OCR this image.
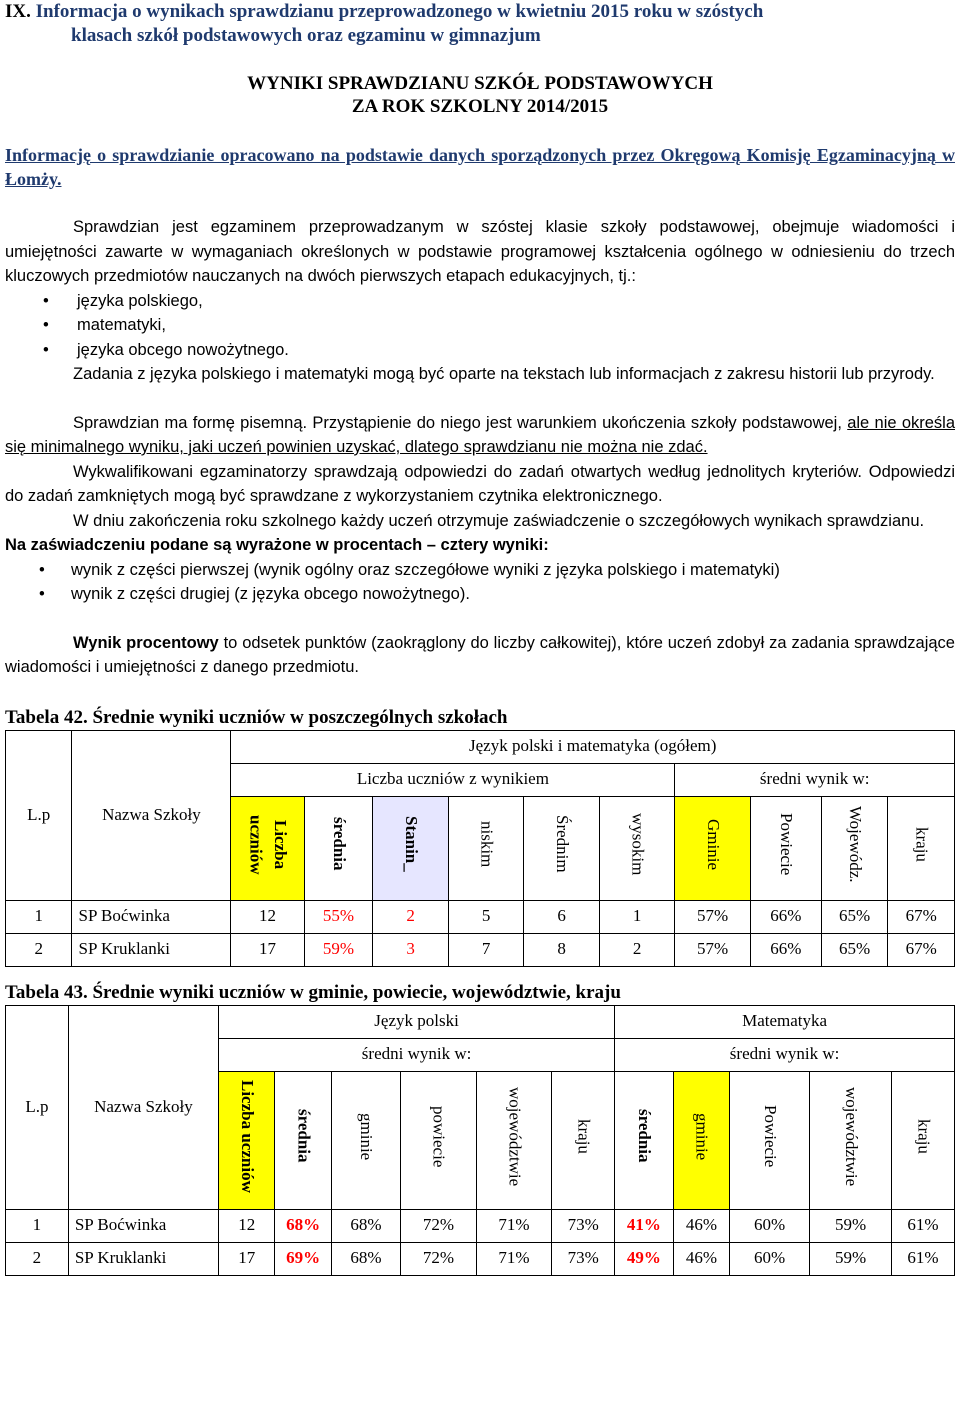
IX. Informacja o wynikach sprawdzianu przeprowadzonego w kwietniu 2015 roku w szóstych
klasach szkół podstawowych oraz egzaminu w gimnazjum
WYNIKI SPRAWDZIANU SZKÓŁ PODSTAWOWYCH
ZA ROK SZKOLNY 2014/2015
Informację o sprawdzianie opracowano na podstawie danych sporządzonych przez Okręgową Komisję Egzaminacyjną w Łomży.
Sprawdzian jest egzaminem przeprowadzanym w szóstej klasie szkoły podstawowej, obejmuje wiadomości i umiejętności zawarte w wymaganiach określonych w podstawie programowej kształcenia ogólnego w odniesieniu do trzech kluczowych przedmiotów nauczanych na dwóch pierwszych etapach edukacyjnych, tj.:
• języka polskiego,
• matematyki,
• języka obcego nowożytnego.
Zadania z języka polskiego i matematyki mogą być oparte na tekstach lub informacjach z zakresu historii lub przyrody.
Sprawdzian ma formę pisemną. Przystąpienie do niego jest warunkiem ukończenia szkoły podstawowej, ale nie określa się minimalnego wyniku, jaki uczeń powinien uzyskać, dlatego sprawdzianu nie można nie zdać.
Wykwalifikowani egzaminatorzy sprawdzają odpowiedzi do zadań otwartych według jednolitych kryteriów. Odpowiedzi do zadań zamkniętych mogą być sprawdzane z wykorzystaniem czytnika elektronicznego.
W dniu zakończenia roku szkolnego każdy uczeń otrzymuje zaświadczenie o szczegółowych wynikach sprawdzianu.
Na zaświadczeniu podane są wyrażone w procentach – cztery wyniki:
• wynik z części pierwszej (wynik ogólny oraz szczegółowe wyniki z języka polskiego i matematyki)
• wynik z części drugiej (z języka obcego nowożytnego).
Wynik procentowy to odsetek punktów (zaokrąglony do liczby całkowitej), które uczeń zdobył za zadania sprawdzające wiadomości i umiejętności z danego przedmiotu.
Tabela 42. Średnie wyniki uczniów w poszczególnych szkołach
L.p	Nazwa Szkoły	Język polski i matematyka (ogółem)									
		Liczba uczniów z wynikiem						średni wynik w:			
		Liczba uczniów	średnia	Stanin_	niskim	Średnim	wysokim	Gminie	Powiecie	Wojewódz.	kraju
1	SP Boćwinka	12	55%	2	5	6	1	57%	66%	65%	67%
2	SP Kruklanki	17	59%	3	7	8	2	57%	66%	65%	67%
Tabela 43. Średnie wyniki uczniów w gminie, powiecie, województwie, kraju
L.p	Nazwa Szkoły	Język polski						Matematyka				
		średni wynik w:						średni wynik w:				
		Liczba uczniów	średnia	gminie	powiecie	województwie	kraju	średnia	gminie	Powiecie	województwie	kraju
1	SP Boćwinka	12	68%	68%	72%	71%	73%	41%	46%	60%	59%	61%
2	SP Kruklanki	17	69%	68%	72%	71%	73%	49%	46%	60%	59%	61%
